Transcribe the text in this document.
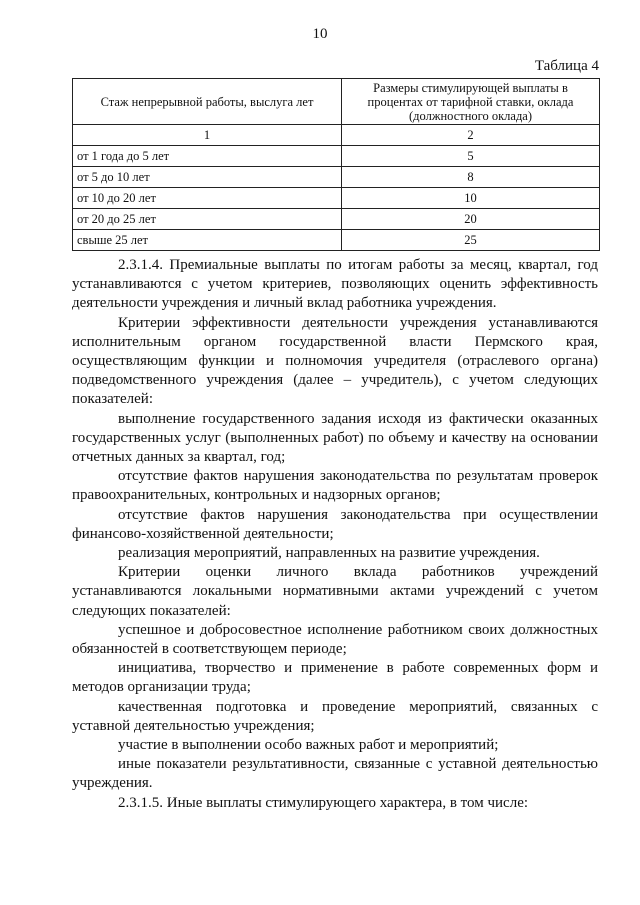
10
Таблица 4
Стаж непрерывной работы, выслуга лет	Размеры стимулирующей выплаты в процентах от тарифной ставки, оклада (должностного оклада)
1	2
от 1 года до 5 лет	5
от 5 до 10 лет	8
от 10 до 20 лет	10
от 20 до 25 лет	20
свыше 25 лет	25

2.3.1.4. Премиальные выплаты по итогам работы за месяц, квартал, год устанавливаются с учетом критериев, позволяющих оценить эффективность деятельности учреждения и личный вклад работника учреждения.

Критерии эффективности деятельности учреждения устанавливаются исполнительным органом государственной власти Пермского края, осуществляющим функции и полномочия учредителя (отраслевого органа) подведомственного учреждения (далее – учредитель), с учетом следующих показателей:

выполнение государственного задания исходя из фактически оказанных государственных услуг (выполненных работ) по объему и качеству на основании отчетных данных за квартал, год;

отсутствие фактов нарушения законодательства по результатам проверок правоохранительных, контрольных и надзорных органов;

отсутствие фактов нарушения законодательства при осуществлении финансово-хозяйственной деятельности;

реализация мероприятий, направленных на развитие учреждения.

Критерии оценки личного вклада работников учреждений устанавливаются локальными нормативными актами учреждений с учетом следующих показателей:

успешное и добросовестное исполнение работником своих должностных обязанностей в соответствующем периоде;

инициатива, творчество и применение в работе современных форм и методов организации труда;

качественная подготовка и проведение мероприятий, связанных с уставной деятельностью учреждения;

участие в выполнении особо важных работ и мероприятий;

иные показатели результативности, связанные с уставной деятельностью учреждения.

2.3.1.5. Иные выплаты стимулирующего характера, в том числе:
